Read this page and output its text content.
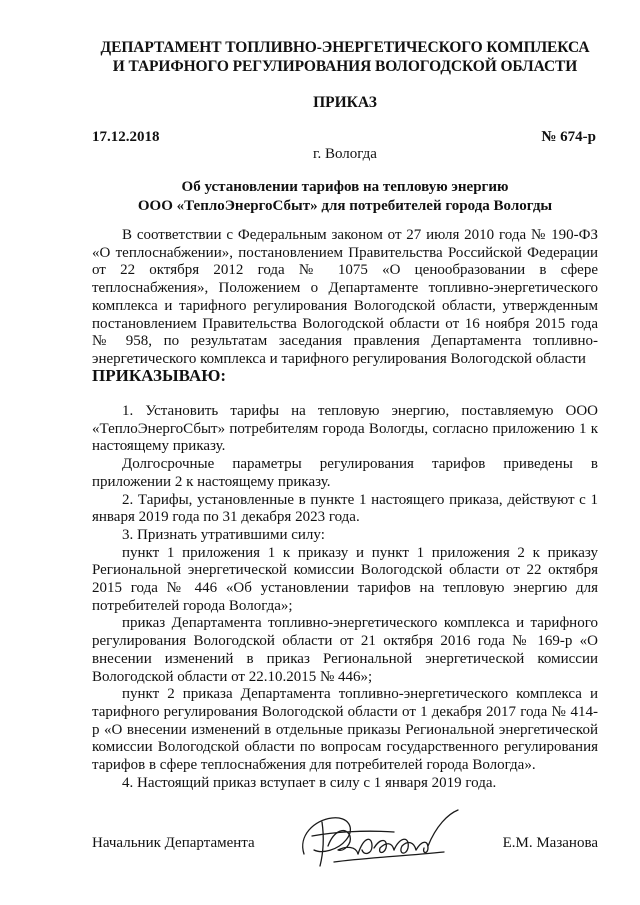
ДЕПАРТАМЕНТ ТОПЛИВНО-ЭНЕРГЕТИЧЕСКОГО КОМПЛЕКСА
И ТАРИФНОГО РЕГУЛИРОВАНИЯ ВОЛОГОДСКОЙ ОБЛАСТИ
ПРИКАЗ
17.12.2018	№ 674-р
г. Вологда
Об установлении тарифов на тепловую энергию
ООО «ТеплоЭнергоСбыт» для потребителей города Вологды

В соответствии с Федеральным законом от 27 июля 2010 года № 190-ФЗ «О теплоснабжении», постановлением Правительства Российской Федерации от 22 октября 2012 года № 1075 «О ценообразовании в сфере теплоснабжения», Положением о Департаменте топливно-энергетического комплекса и тарифного регулирования Вологодской области, утвержденным постановлением Правительства Вологодской области от 16 ноября 2015 года № 958, по результатам заседания правления Департамента топливно-энергетического комплекса и тарифного регулирования Вологодской области

ПРИКАЗЫВАЮ:

1. Установить тарифы на тепловую энергию, поставляемую ООО «ТеплоЭнергоСбыт» потребителям города Вологды, согласно приложению 1 к настоящему приказу.

Долгосрочные параметры регулирования тарифов приведены в приложении 2 к настоящему приказу.

2. Тарифы, установленные в пункте 1 настоящего приказа, действуют с 1 января 2019 года по 31 декабря 2023 года.

3. Признать утратившими силу:

пункт 1 приложения 1 к приказу и пункт 1 приложения 2 к приказу Региональной энергетической комиссии Вологодской области от 22 октября 2015 года № 446 «Об установлении тарифов на тепловую энергию для потребителей города Вологда»;

приказ Департамента топливно-энергетического комплекса и тарифного регулирования Вологодской области от 21 октября 2016 года № 169-р «О внесении изменений в приказ Региональной энергетической комиссии Вологодской области от 22.10.2015 № 446»;

пункт 2 приказа Департамента топливно-энергетического комплекса и тарифного регулирования Вологодской области от 1 декабря 2017 года № 414-р «О внесении изменений в отдельные приказы Региональной энергетической комиссии Вологодской области по вопросам государственного регулирования тарифов в сфере теплоснабжения для потребителей города Вологда».

4. Настоящий приказ вступает в силу с 1 января 2019 года.

Начальник Департамента	Е.М. Мазанова
